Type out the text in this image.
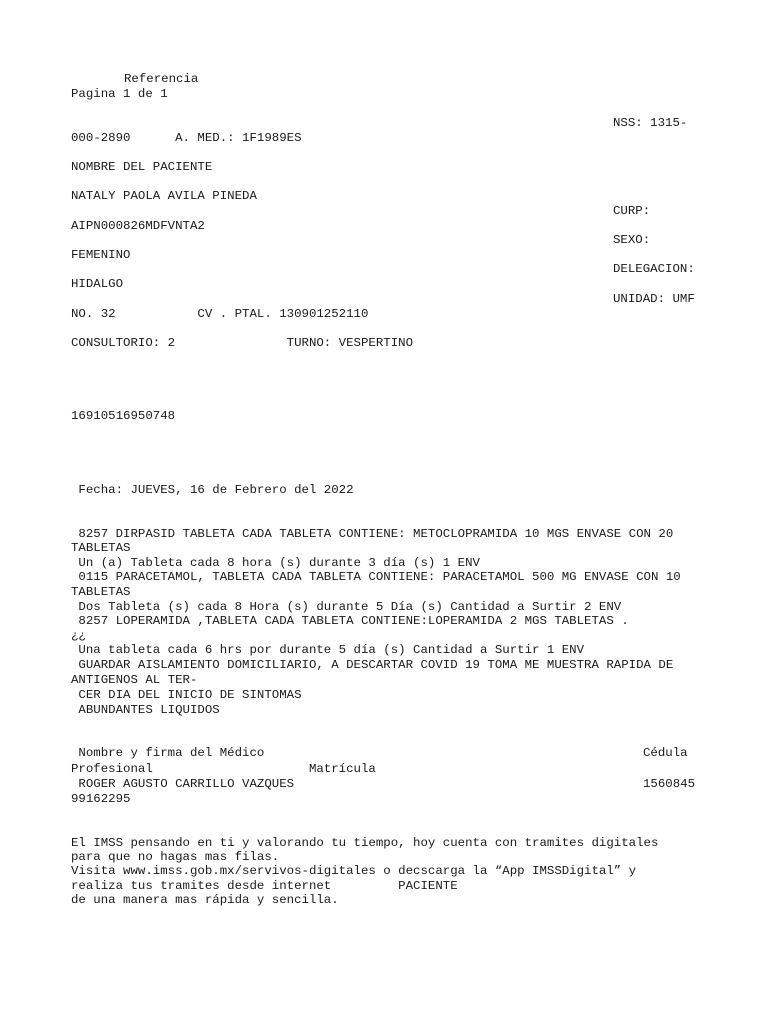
Referencia
Pagina 1 de 1
NSS: 1315-
000-2890      A. MED.: 1F1989ES
NOMBRE DEL PACIENTE
NATALY PAOLA AVILA PINEDA
CURP:
AIPN000826MDFVNTA2
SEXO:
FEMENINO
DELEGACION:
HIDALGO
UNIDAD: UMF
NO. 32           CV . PTAL. 130901252110
CONSULTORIO: 2               TURNO: VESPERTINO
16910516950748
Fecha: JUEVES, 16 de Febrero del 2022
8257 DIRPASID TABLETA CADA TABLETA CONTIENE: METOCLOPRAMIDA 10 MGS ENVASE CON 20
TABLETAS
Un (a) Tableta cada 8 hora (s) durante 3 día (s) 1 ENV
0115 PARACETAMOL, TABLETA CADA TABLETA CONTIENE: PARACETAMOL 500 MG ENVASE CON 10
TABLETAS
Dos Tableta (s) cada 8 Hora (s) durante 5 Día (s) Cantidad a Surtir 2 ENV
8257 LOPERAMIDA ,TABLETA CADA TABLETA CONTIENE:LOPERAMIDA 2 MGS TABLETAS .
¿¿
Una tableta cada 6 hrs por durante 5 día (s) Cantidad a Surtir 1 ENV
GUARDAR AISLAMIENTO DOMICILIARIO, A DESCARTAR COVID 19 TOMA ME MUESTRA RAPIDA DE
ANTIGENOS AL TER-
CER DIA DEL INICIO DE SINTOMAS
ABUNDANTES LIQUIDOS
Nombre y firma del Médico	Cédula
Profesional                     Matrícula
ROGER AGUSTO CARRILLO VAZQUES	1560845
99162295
El IMSS pensando en ti y valorando tu tiempo, hoy cuenta con tramites digitales
para que no hagas mas filas.
Visita www.imss.gob.mx/servivos-digitales o decscarga la “App IMSSDigital” y
realiza tus tramites desde internet         PACIENTE
de una manera mas rápida y sencilla.
